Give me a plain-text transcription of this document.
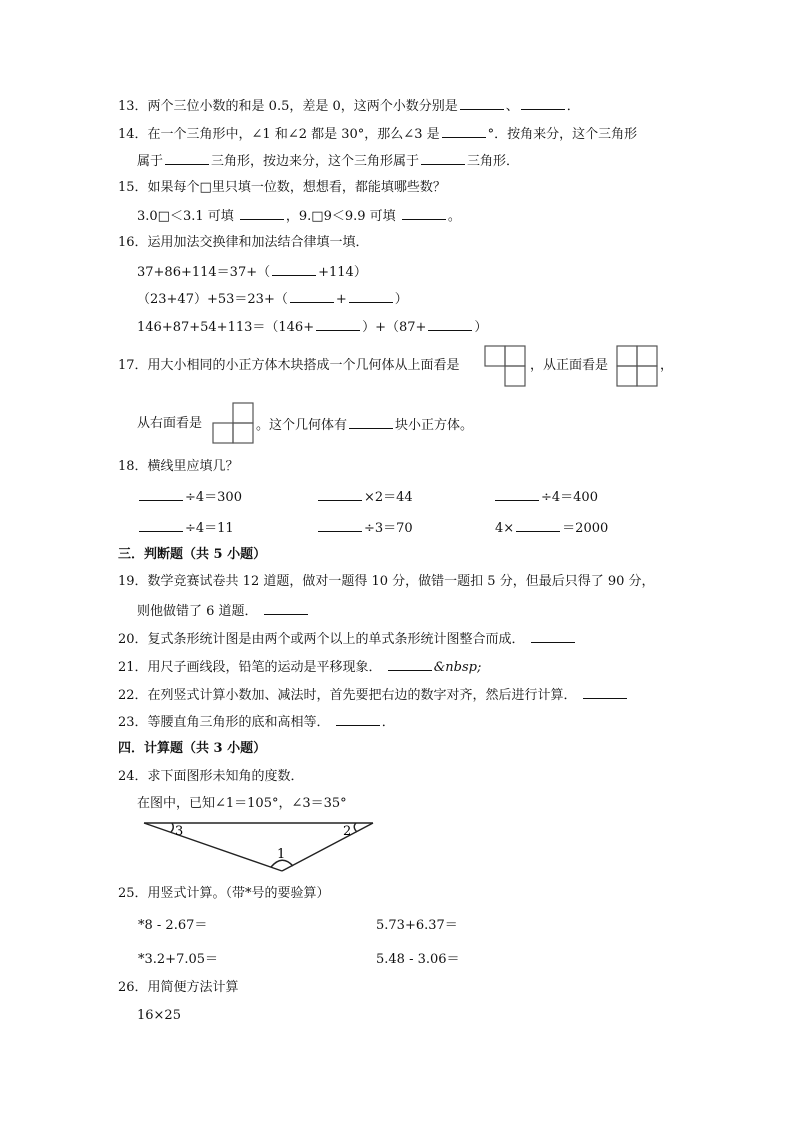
13．两个三位小数的和是 0.5，差是 0，这两个小数分别是	、	．
14．在一个三角形中，∠1 和∠2 都是 30°，那么∠3 是	°．按角来分，这个三角形
属于	三角形，按边来分，这个三角形属于	三角形．
15．如果每个□里只填一位数，想想看，都能填哪些数？
3.0□＜3.1 可填	，9.□9＜9.9 可填	。
16．运用加法交换律和加法结合律填一填．
37+86+114＝37+（	+114）
（23+47）+53＝23+（	+	）
146+87+54+113＝（146+	）+（87+	）
17．用大小相同的小正方体木块搭成一个几何体从上面看是	，从正面看是	，
从右面看是	。这个几何体有	块小正方体。
18．横线里应填几？
÷4＝300	×2＝44	÷4＝400
÷4＝11	÷3＝70	4×	＝2000
三．判断题（共 5 小题）
19．数学竞赛试卷共 12 道题，做对一题得 10 分，做错一题扣 5 分，但最后只得了 90 分，
则他做错了 6 道题．
20．复式条形统计图是由两个或两个以上的单式条形统计图整合而成．
21．用尺子画线段，铅笔的运动是平移现象．	&nbsp;
22．在列竖式计算小数加、减法时，首先要把右边的数字对齐，然后进行计算．
23．等腰直角三角形的底和高相等．	．
四．计算题（共 3 小题）
24．求下面图形未知角的度数．
在图中，已知∠1＝105°，∠3＝35°
3	2
1
25．用竖式计算。（带*号的要验算）
*8 - 2.67＝	5.73+6.37＝
*3.2+7.05＝	5.48 - 3.06＝
26．用简便方法计算
16×25
